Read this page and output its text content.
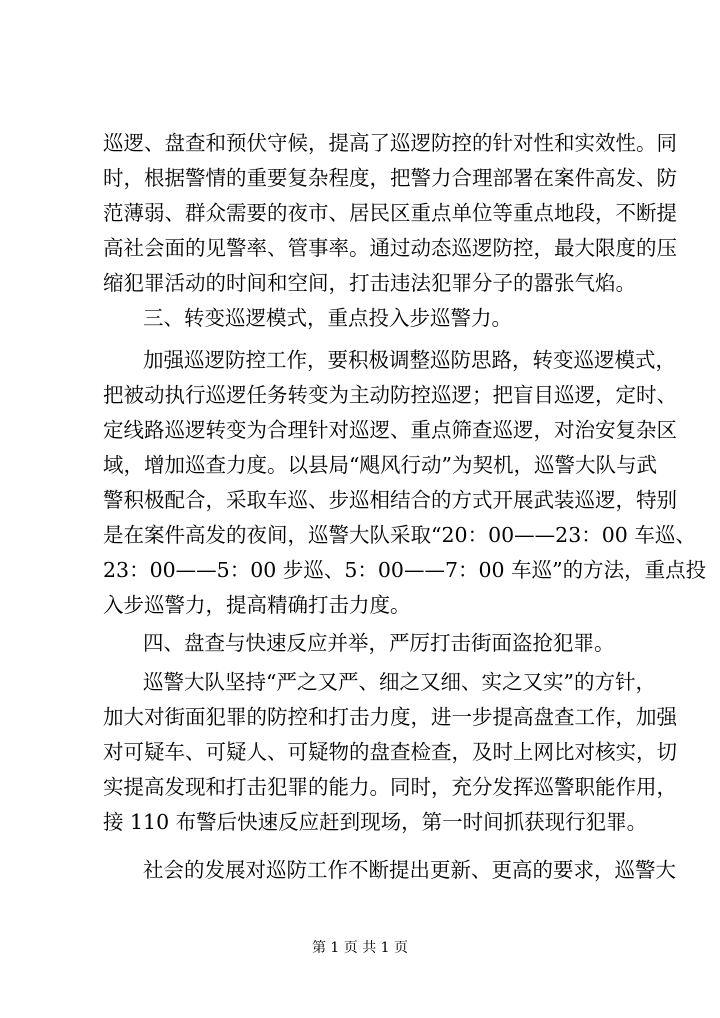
巡逻、盘查和预伏守候，提高了巡逻防控的针对性和实效性。同
时，根据警情的重要复杂程度，把警力合理部署在案件高发、防
范薄弱、群众需要的夜市、居民区重点单位等重点地段，不断提
高社会面的见警率、管事率。通过动态巡逻防控，最大限度的压
缩犯罪活动的时间和空间，打击违法犯罪分子的嚣张气焰。
三、转变巡逻模式，重点投入步巡警力。
加强巡逻防控工作，要积极调整巡防思路，转变巡逻模式，
把被动执行巡逻任务转变为主动防控巡逻；把盲目巡逻，定时、
定线路巡逻转变为合理针对巡逻、重点筛查巡逻，对治安复杂区
域，增加巡查力度。以县局“飓风行动”为契机，巡警大队与武
警积极配合，采取车巡、步巡相结合的方式开展武装巡逻，特别
是在案件高发的夜间，巡警大队采取“20：00——23：00 车巡、
23：00——5：00 步巡、5：00——7：00 车巡”的方法，重点投
入步巡警力，提高精确打击力度。
四、盘查与快速反应并举，严厉打击街面盗抢犯罪。
巡警大队坚持“严之又严、细之又细、实之又实”的方针，
加大对街面犯罪的防控和打击力度，进一步提高盘查工作，加强
对可疑车、可疑人、可疑物的盘查检查，及时上网比对核实，切
实提高发现和打击犯罪的能力。同时，充分发挥巡警职能作用，
接 110 布警后快速反应赶到现场，第一时间抓获现行犯罪。
社会的发展对巡防工作不断提出更新、更高的要求，巡警大
第 1 页 共 1 页
